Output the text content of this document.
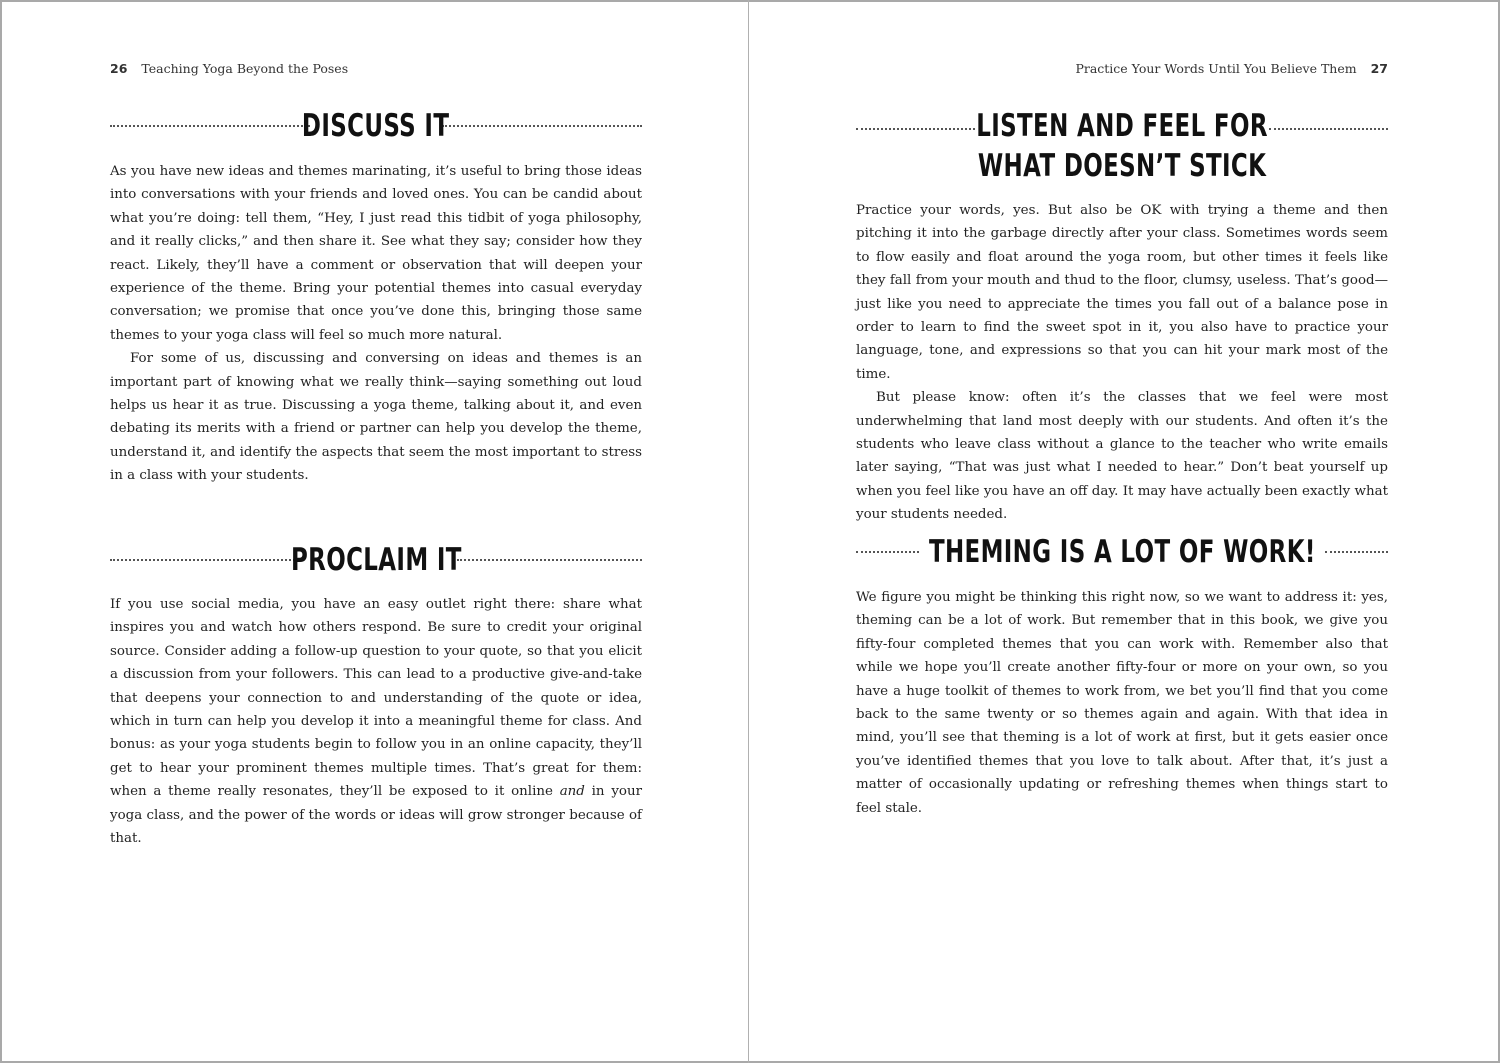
26 Teaching Yoga Beyond the Poses
DISCUSS IT

As you have new ideas and themes marinating, it’s useful to bring those ideas into conversations with your friends and loved ones. You can be candid about what you’re doing: tell them, “Hey, I just read this tidbit of yoga philosophy, and it really clicks,” and then share it. See what they say; consider how they react. Likely, they’ll have a comment or observation that will deepen your experience of the theme. Bring your potential themes into casual everyday conversation; we promise that once you’ve done this, bringing those same themes to your yoga class will feel so much more natural.

For some of us, discussing and conversing on ideas and themes is an important part of knowing what we really think—saying something out loud helps us hear it as true. Discussing a yoga theme, talking about it, and even debating its merits with a friend or partner can help you develop the theme, understand it, and identify the aspects that seem the most important to stress in a class with your students.

PROCLAIM IT

If you use social media, you have an easy outlet right there: share what inspires you and watch how others respond. Be sure to credit your original source. Consider adding a follow-up question to your quote, so that you elicit a discussion from your followers. This can lead to a productive give-and-take that deepens your connection to and understanding of the quote or idea, which in turn can help you develop it into a meaningful theme for class. And bonus: as your yoga students begin to follow you in an online capacity, they’ll get to hear your prominent themes multiple times. That’s great for them: when a theme really resonates, they’ll be exposed to it online and in your yoga class, and the power of the words or ideas will grow stronger because of that.

Practice Your Words Until You Believe Them 27
LISTEN AND FEEL FOR
WHAT DOESN’T STICK

Practice your words, yes. But also be OK with trying a theme and then pitching it into the garbage directly after your class. Sometimes words seem to flow easily and float around the yoga room, but other times it feels like they fall from your mouth and thud to the floor, clumsy, useless. That’s good—just like you need to appreciate the times you fall out of a balance pose in order to learn to find the sweet spot in it, you also have to practice your language, tone, and expressions so that you can hit your mark most of the time.

But please know: often it’s the classes that we feel were most underwhelming that land most deeply with our students. And often it’s the students who leave class without a glance to the teacher who write emails later saying, “That was just what I needed to hear.” Don’t beat yourself up when you feel like you have an off day. It may have actually been exactly what your students needed.

THEMING IS A LOT OF WORK!

We figure you might be thinking this right now, so we want to address it: yes, theming can be a lot of work. But remember that in this book, we give you fifty-four completed themes that you can work with. Remember also that while we hope you’ll create another fifty-four or more on your own, so you have a huge toolkit of themes to work from, we bet you’ll find that you come back to the same twenty or so themes again and again. With that idea in mind, you’ll see that theming is a lot of work at first, but it gets easier once you’ve identified themes that you love to talk about. After that, it’s just a matter of occasionally updating or refreshing themes when things start to feel stale.
